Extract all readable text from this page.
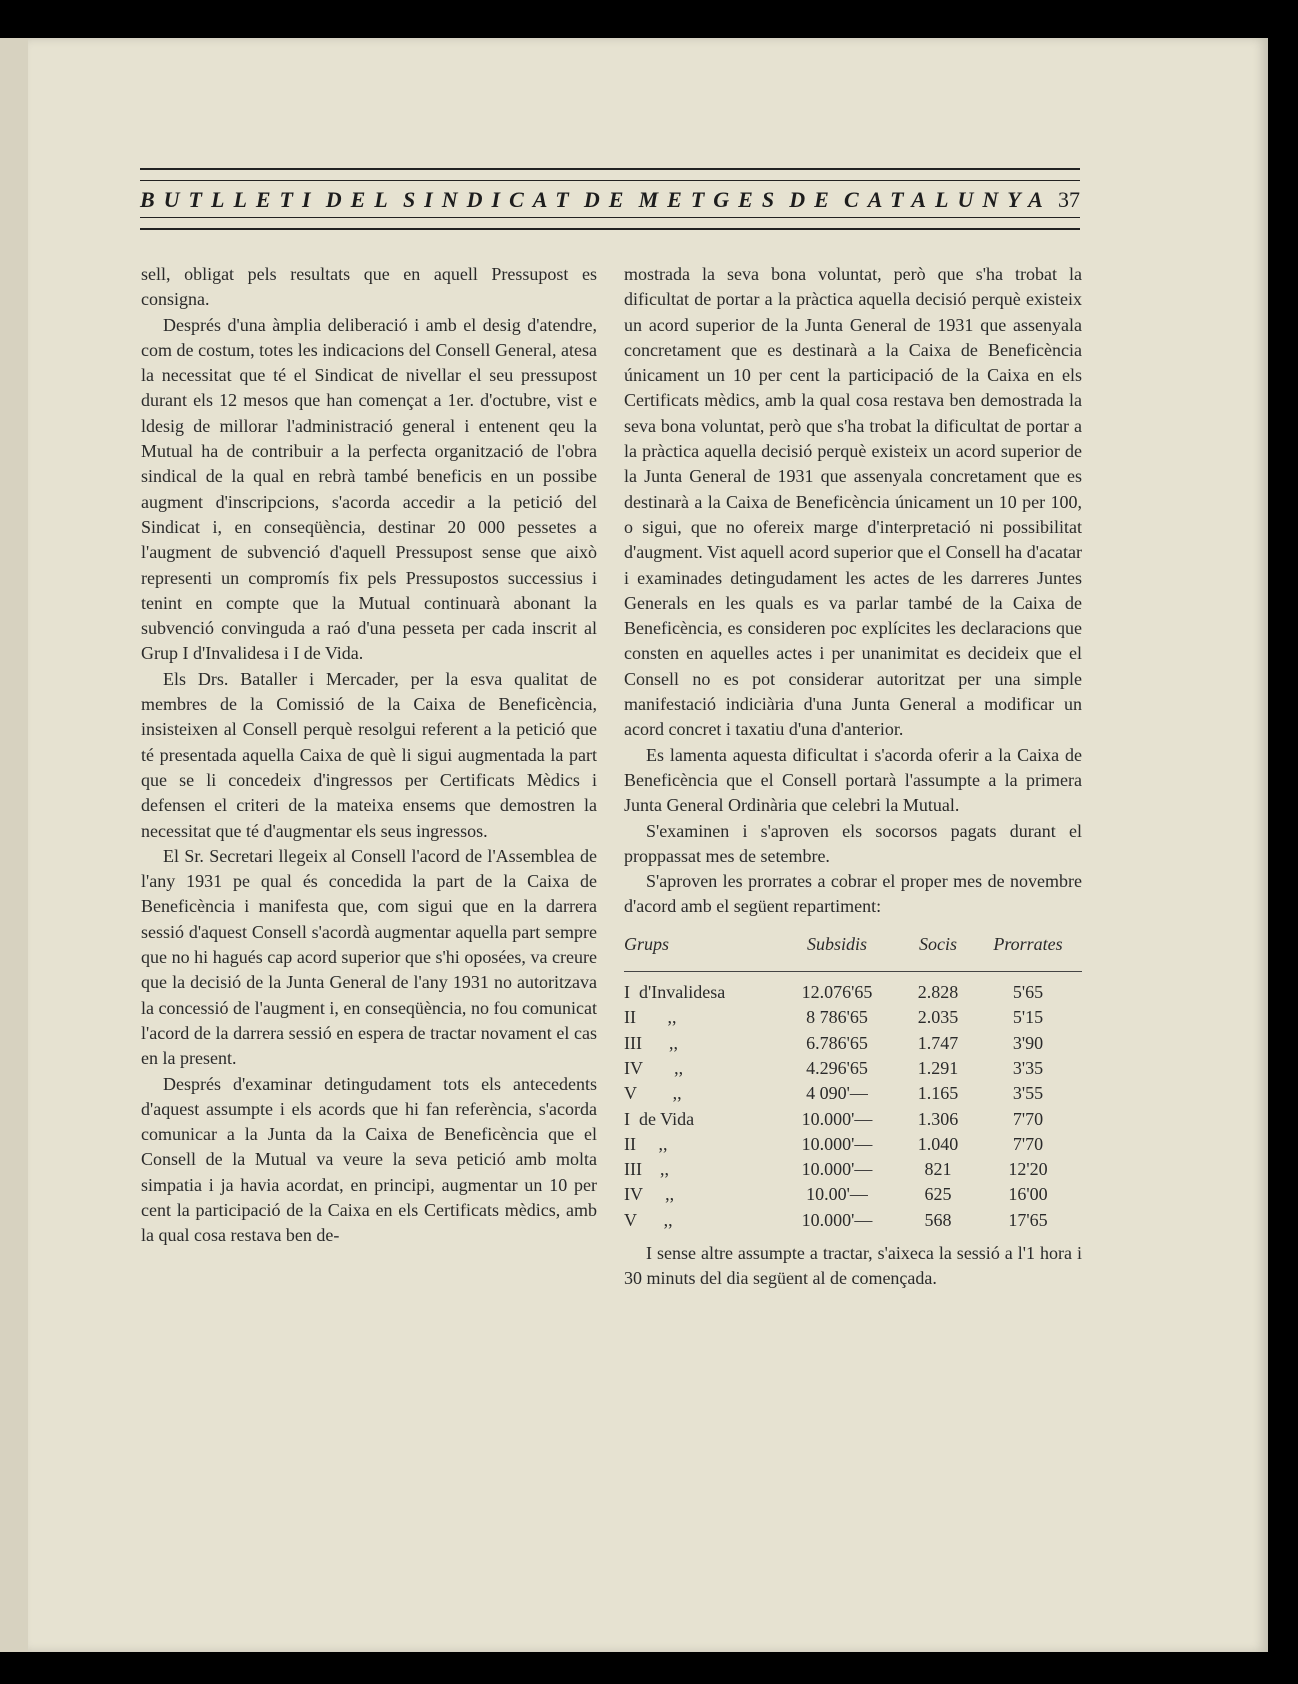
BUTLLETI DEL SINDICAT DE METGES DE CATALUNYA 37

sell, obligat pels resultats que en aquell Pressupost es consigna.

Després d'una àmplia deliberació i amb el desig d'atendre, com de costum, totes les indicacions del Consell General, atesa la necessitat que té el Sindicat de nivellar el seu pressupost durant els 12 mesos que han començat a 1er. d'octubre, vist e ldesig de millorar l'administració general i entenent qeu la Mutual ha de contribuir a la perfecta organització de l'obra sindical de la qual en rebrà també beneficis en un possibe augment d'inscripcions, s'acorda accedir a la petició del Sindicat i, en conseqüència, destinar 20 000 pessetes a l'augment de subvenció d'aquell Pressupost sense que això representi un compromís fix pels Pressupostos successius i tenint en compte que la Mutual continuarà abonant la subvenció convinguda a raó d'una pesseta per cada inscrit al Grup I d'Invalidesa i I de Vida.

Els Drs. Bataller i Mercader, per la esva qualitat de membres de la Comissió de la Caixa de Beneficència, insisteixen al Consell perquè resolgui referent a la petició que té presentada aquella Caixa de què li sigui augmentada la part que se li concedeix d'ingressos per Certificats Mèdics i defensen el criteri de la mateixa ensems que demostren la necessitat que té d'augmentar els seus ingressos.

El Sr. Secretari llegeix al Consell l'acord de l'Assemblea de l'any 1931 pe qual és concedida la part de la Caixa de Beneficència i manifesta que, com sigui que en la darrera sessió d'aquest Consell s'acordà augmentar aquella part sempre que no hi hagués cap acord superior que s'hi oposées, va creure que la decisió de la Junta General de l'any 1931 no autoritzava la concessió de l'augment i, en conseqüència, no fou comunicat l'acord de la darrera sessió en espera de tractar novament el cas en la present.

Després d'examinar detingudament tots els antecedents d'aquest assumpte i els acords que hi fan referència, s'acorda comunicar a la Junta da la Caixa de Beneficència que el Consell de la Mutual va veure la seva petició amb molta simpatia i ja havia acordat, en principi, augmentar un 10 per cent la participació de la Caixa en els Certificats mèdics, amb la qual cosa restava ben de-

mostrada la seva bona voluntat, però que s'ha trobat la dificultat de portar a la pràctica aquella decisió perquè existeix un acord superior de la Junta General de 1931 que assenyala concretament que es destinarà a la Caixa de Beneficència únicament un 10 per cent la participació de la Caixa en els Certificats mèdics, amb la qual cosa restava ben demostrada la seva bona voluntat, però que s'ha trobat la dificultat de portar a la pràctica aquella decisió perquè existeix un acord superior de la Junta General de 1931 que assenyala concretament que es destinarà a la Caixa de Beneficència únicament un 10 per 100, o sigui, que no ofereix marge d'interpretació ni possibilitat d'augment. Vist aquell acord superior que el Consell ha d'acatar i examinades detingudament les actes de les darreres Juntes Generals en les quals es va parlar també de la Caixa de Beneficència, es consideren poc explícites les declaracions que consten en aquelles actes i per unanimitat es decideix que el Consell no es pot considerar autoritzat per una simple manifestació indiciària d'una Junta General a modificar un acord concret i taxatiu d'una d'anterior.

Es lamenta aquesta dificultat i s'acorda oferir a la Caixa de Beneficència que el Consell portarà l'assumpte a la primera Junta General Ordinària que celebri la Mutual.

S'examinen i s'aproven els socorsos pagats durant el proppassat mes de setembre.

S'aproven les prorrates a cobrar el proper mes de novembre d'acord amb el següent repartiment:

Grups	Subsidis	Socis	Prorrates
I  d'Invalidesa	12.076'65	2.828	5'65
II       ,,	8 786'65	2.035	5'15
III      ,,	6.786'65	1.747	3'90
IV       ,,	4.296'65	1.291	3'35
V        ,,	4 090'—	1.165	3'55
I  de Vida	10.000'—	1.306	7'70
II     ,,	10.000'—	1.040	7'70
III    ,,	10.000'—	821	12'20
IV     ,,	10.00'—	625	16'00
V      ,,	10.000'—	568	17'65

I sense altre assumpte a tractar, s'aixeca la sessió a l'1 hora i 30 minuts del dia següent al de començada.
